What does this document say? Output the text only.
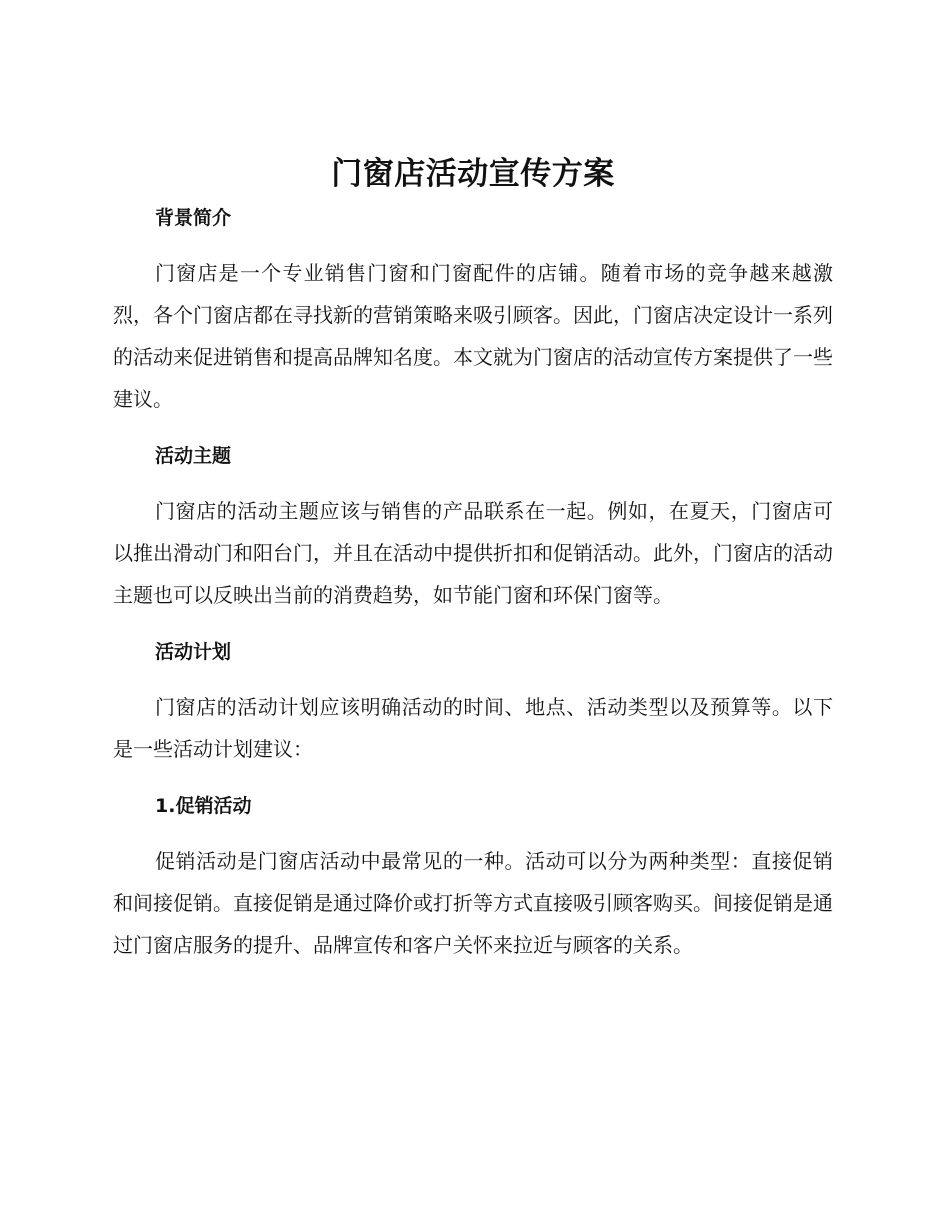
门窗店活动宣传方案
背景简介

门窗店是一个专业销售门窗和门窗配件的店铺。随着市场的竞争越来越激烈，各个门窗店都在寻找新的营销策略来吸引顾客。因此，门窗店决定设计一系列的活动来促进销售和提高品牌知名度。本文就为门窗店的活动宣传方案提供了一些建议。

活动主题

门窗店的活动主题应该与销售的产品联系在一起。例如，在夏天，门窗店可以推出滑动门和阳台门，并且在活动中提供折扣和促销活动。此外，门窗店的活动主题也可以反映出当前的消费趋势，如节能门窗和环保门窗等。

活动计划

门窗店的活动计划应该明确活动的时间、地点、活动类型以及预算等。以下是一些活动计划建议：

1.促销活动

促销活动是门窗店活动中最常见的一种。活动可以分为两种类型：直接促销和间接促销。直接促销是通过降价或打折等方式直接吸引顾客购买。间接促销是通过门窗店服务的提升、品牌宣传和客户关怀来拉近与顾客的关系。
